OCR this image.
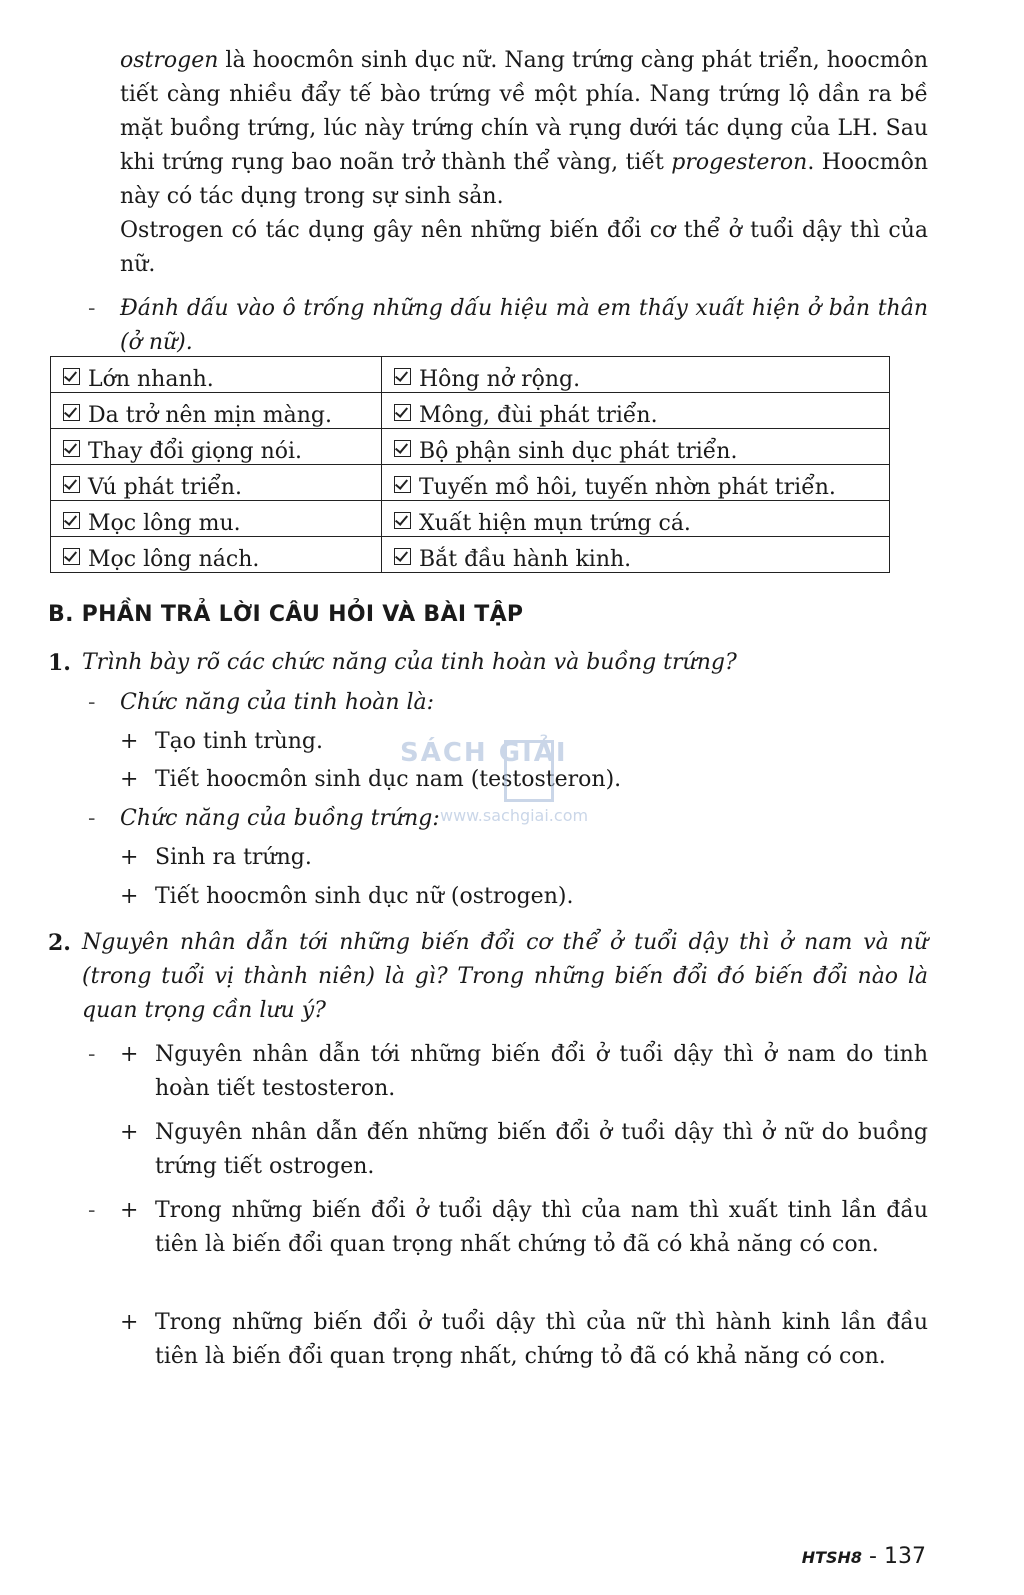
ostrogen là hoocmôn sinh dục nữ. Nang trứng càng phát triển, hoocmôn tiết càng nhiều đẩy tế bào trứng về một phía. Nang trứng lộ dần ra bề mặt buồng trứng, lúc này trứng chín và rụng dưới tác dụng của LH. Sau khi trứng rụng bao noãn trở thành thể vàng, tiết progesteron. Hoocmôn này có tác dụng trong sự sinh sản.

Ostrogen có tác dụng gây nên những biến đổi cơ thể ở tuổi dậy thì của nữ.

- Đánh dấu vào ô trống những dấu hiệu mà em thấy xuất hiện ở bản thân (ở nữ).

Lớn nhanh.	Hông nở rộng.
Da trở nên mịn màng.	Mông, đùi phát triển.
Thay đổi giọng nói.	Bộ phận sinh dục phát triển.
Vú phát triển.	Tuyến mồ hôi, tuyến nhờn phát triển.
Mọc lông mu.	Xuất hiện mụn trứng cá.
Mọc lông nách.	Bắt đầu hành kinh.
B. PHẦN TRẢ LỜI CÂU HỎI VÀ BÀI TẬP
1. Trình bày rõ các chức năng của tinh hoàn và buồng trứng?
- Chức năng của tinh hoàn là:
+ Tạo tinh trùng.
+ Tiết hoocmôn sinh dục nam (testosteron).
- Chức năng của buồng trứng:
+ Sinh ra trứng.
+ Tiết hoocmôn sinh dục nữ (ostrogen).
SÁCH GIẢI
www.sachgiai.com
2. Nguyên nhân dẫn tới những biến đổi cơ thể ở tuổi dậy thì ở nam và nữ (trong tuổi vị thành niên) là gì? Trong những biến đổi đó biến đổi nào là quan trọng cần lưu ý?

- + Nguyên nhân dẫn tới những biến đổi ở tuổi dậy thì ở nam do tinh hoàn tiết testosteron.

+ Nguyên nhân dẫn đến những biến đổi ở tuổi dậy thì ở nữ do buồng trứng tiết ostrogen.

- + Trong những biến đổi ở tuổi dậy thì của nam thì xuất tinh lần đầu tiên là biến đổi quan trọng nhất chứng tỏ đã có khả năng có con.

+ Trong những biến đổi ở tuổi dậy thì của nữ thì hành kinh lần đầu tiên là biến đổi quan trọng nhất, chứng tỏ đã có khả năng có con.

HTSH8 - 137
